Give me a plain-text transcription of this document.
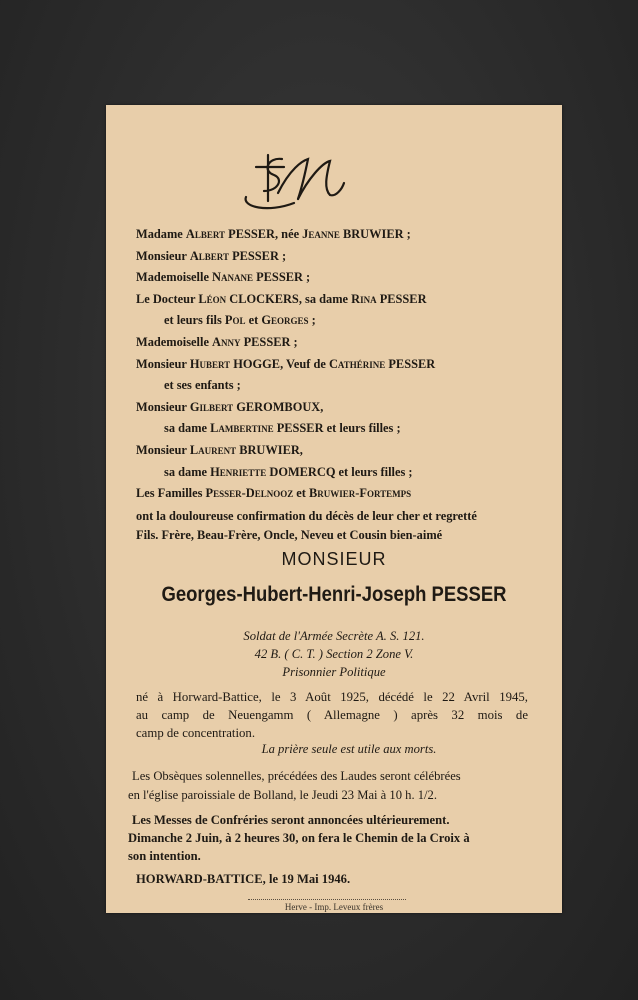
Madame Albert PESSER, née Jeanne BRUWIER ;
Monsieur Albert PESSER ;
Mademoiselle Nanane PESSER ;
Le Docteur Léon CLOCKERS, sa dame Rina PESSER
et leurs fils Pol et Georges ;
Mademoiselle Anny PESSER ;
Monsieur Hubert HOGGE, Veuf de Cathérine PESSER
et ses enfants ;
Monsieur Gilbert GEROMBOUX,
sa dame Lambertine PESSER et leurs filles ;
Monsieur Laurent BRUWIER,
sa dame Henriette DOMERCQ et leurs filles ;
Les Familles Pesser-Delnooz et Bruwier-Fortemps
ont la douloureuse confirmation du décès de leur cher et regretté
Fils. Frère, Beau-Frère, Oncle, Neveu et Cousin bien-aimé
MONSIEUR
Georges-Hubert-Henri-Joseph PESSER
Soldat de l'Armée Secrète A. S. 121.
42 B. ( C. T. ) Section 2 Zone V.
Prisonnier Politique
né à Horward-Battice, le 3 Août 1925, décédé le 22 Avril 1945,
au camp de Neuengamm ( Allemagne ) après 32 mois de
camp de concentration.
La prière seule est utile aux morts.
Les Obsèques solennelles, précédées des Laudes seront célébrées
en l'église paroissiale de Bolland, le Jeudi 23 Mai à 10 h. 1/2.
Les Messes de Confréries seront annoncées ultérieurement.
Dimanche 2 Juin, à 2 heures 30, on fera le Chemin de la Croix à
son intention.
HORWARD-BATTICE, le 19 Mai 1946.
Herve - Imp. Leveux frères
